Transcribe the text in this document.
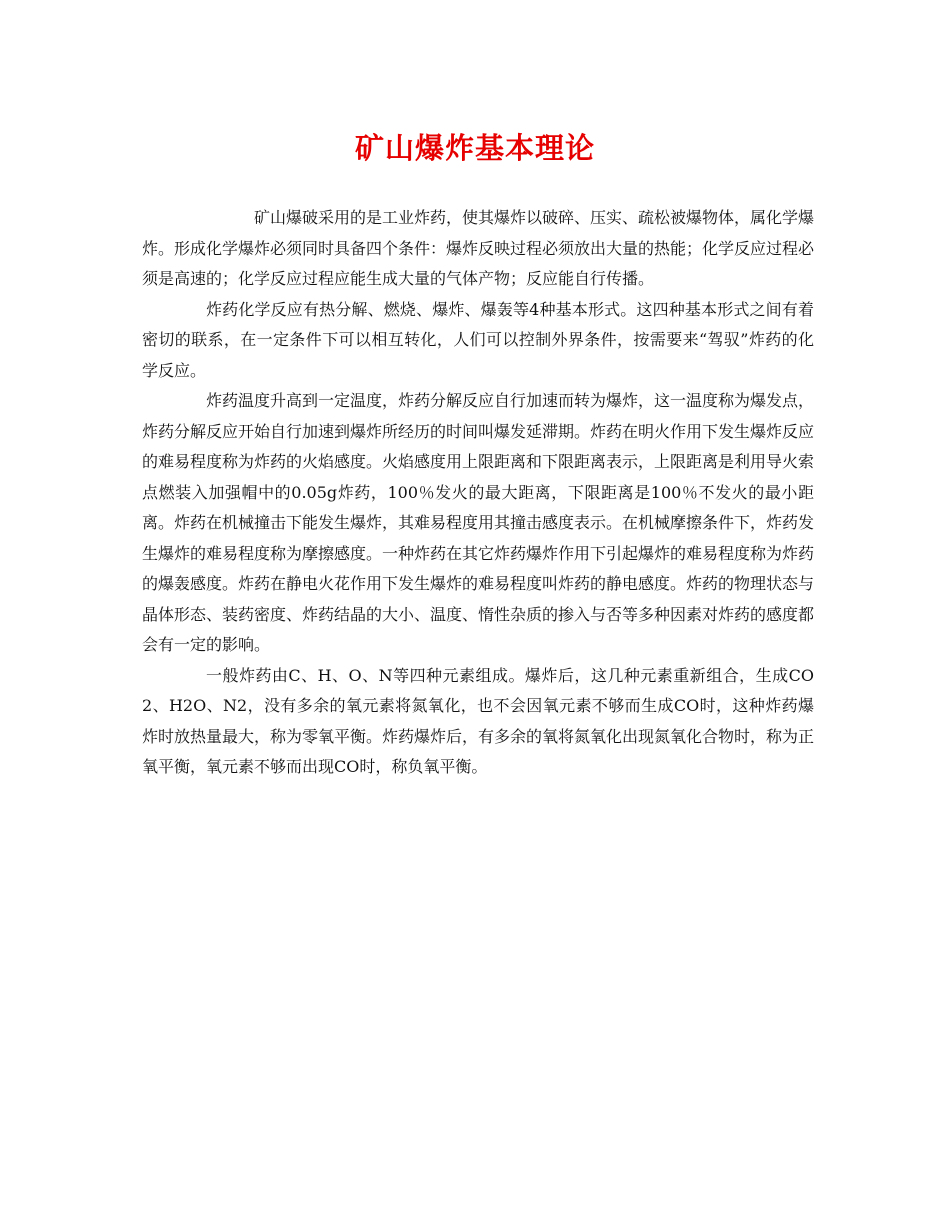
矿山爆炸基本理论

矿山爆破采用的是工业炸药，使其爆炸以破碎、压实、疏松被爆物体，属化学爆炸。形成化学爆炸必须同时具备四个条件：爆炸反映过程必须放出大量的热能；化学反应过程必须是高速的；化学反应过程应能生成大量的气体产物；反应能自行传播。

炸药化学反应有热分解、燃烧、爆炸、爆轰等4种基本形式。这四种基本形式之间有着密切的联系，在一定条件下可以相互转化，人们可以控制外界条件，按需要来“驾驭”炸药的化学反应。

炸药温度升高到一定温度，炸药分解反应自行加速而转为爆炸，这一温度称为爆发点，炸药分解反应开始自行加速到爆炸所经历的时间叫爆发延滞期。炸药在明火作用下发生爆炸反应的难易程度称为炸药的火焰感度。火焰感度用上限距离和下限距离表示，上限距离是利用导火索点燃装入加强帽中的0.05g炸药，100％发火的最大距离，下限距离是100％不发火的最小距离。炸药在机械撞击下能发生爆炸，其难易程度用其撞击感度表示。在机械摩擦条件下，炸药发生爆炸的难易程度称为摩擦感度。一种炸药在其它炸药爆炸作用下引起爆炸的难易程度称为炸药的爆轰感度。炸药在静电火花作用下发生爆炸的难易程度叫炸药的静电感度。炸药的物理状态与晶体形态、装药密度、炸药结晶的大小、温度、惰性杂质的掺入与否等多种因素对炸药的感度都会有一定的影响。

一般炸药由C、H、O、N等四种元素组成。爆炸后，这几种元素重新组合，生成CO2、H2O、N2，没有多余的氧元素将氮氧化，也不会因氧元素不够而生成CO时，这种炸药爆炸时放热量最大，称为零氧平衡。炸药爆炸后，有多余的氧将氮氧化出现氮氧化合物时，称为正氧平衡，氧元素不够而出现CO时，称负氧平衡。
